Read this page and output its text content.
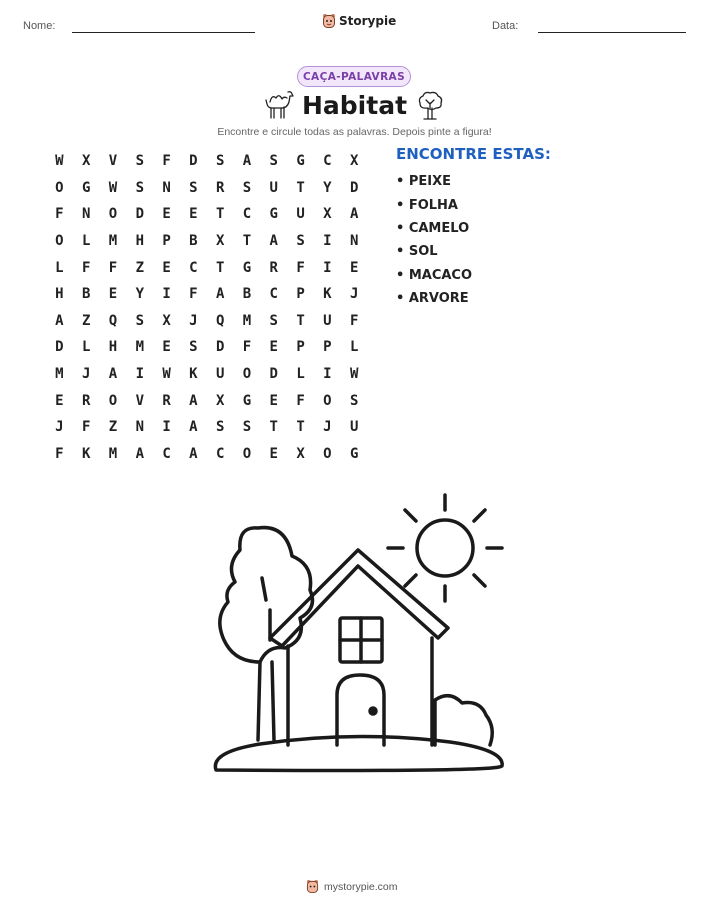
Nome:	Storypie	Data:
CAÇA-PALAVRAS
Habitat
Encontre e circule todas as palavras. Depois pinte a figura!
W	X	V	S	F	D	S	A	S	G	C	X
O	G	W	S	N	S	R	S	U	T	Y	D
F	N	O	D	E	E	T	C	G	U	X	A
O	L	M	H	P	B	X	T	A	S	I	N
L	F	F	Z	E	C	T	G	R	F	I	E
H	B	E	Y	I	F	A	B	C	P	K	J
A	Z	Q	S	X	J	Q	M	S	T	U	F
D	L	H	M	E	S	D	F	E	P	P	L
M	J	A	I	W	K	U	O	D	L	I	W
E	R	O	V	R	A	X	G	E	F	O	S
J	F	Z	N	I	A	S	S	T	T	J	U
F	K	M	A	C	A	C	O	E	X	O	G
ENCONTRE ESTAS:
• PEIXE
• FOLHA
• CAMELO
• SOL
• MACACO
• ARVORE
mystorypie.com
